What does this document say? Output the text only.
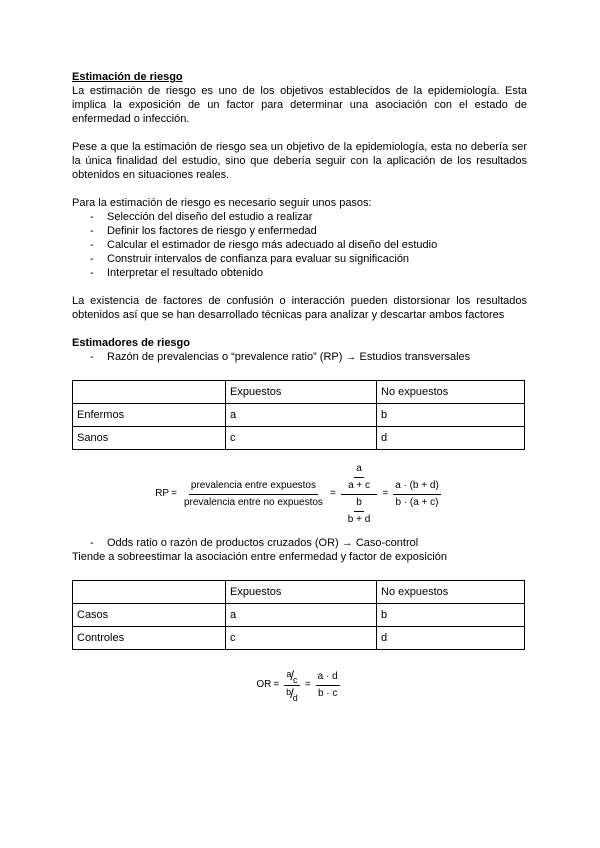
Estimación de riesgo

La estimación de riesgo es uno de los objetivos establecidos de la epidemiología. Esta implica la exposición de un factor para determinar una asociación con el estado de enfermedad o infección.

Pese a que la estimación de riesgo sea un objetivo de la epidemiología, esta no debería ser la única finalidad del estudio, sino que debería seguir con la aplicación de los resultados obtenidos en situaciones reales.

Para la estimación de riesgo es necesario seguir unos pasos:

- Selección del diseño del estudio a realizar
- Definir los factores de riesgo y enfermedad
- Calcular el estimador de riesgo más adecuado al diseño del estudio
- Construir intervalos de confianza para evaluar su significación
- Interpretar el resultado obtenido

La existencia de factores de confusión o interacción pueden distorsionar los resultados obtenidos así que se han desarrollado técnicas para analizar y descartar ambos factores

Estimadores de riesgo

- Razón de prevalencias o “prevalence ratio” (RP) → Estudios transversales
	Expuestos	No expuestos
Enfermos	a	b
Sanos	c	d
RP = $\frac{\text{prevalencia entre expuestos}}{\text{prevalencia entre no expuestos}} = \frac{\frac{a}{a + c}}{\frac{b}{b + d}} = \frac{a \cdot (b + d)}{b \cdot (a + c)}$
- Odds ratio o razón de productos cruzados (OR) → Caso-control

Tiende a sobreestimar la asociación entre enfermedad y factor de exposición

	Expuestos	No expuestos
Casos	a	b
Controles	c	d
OR = $\frac{a / c}{b / d} = \frac{a \cdot d}{b \cdot c}$
